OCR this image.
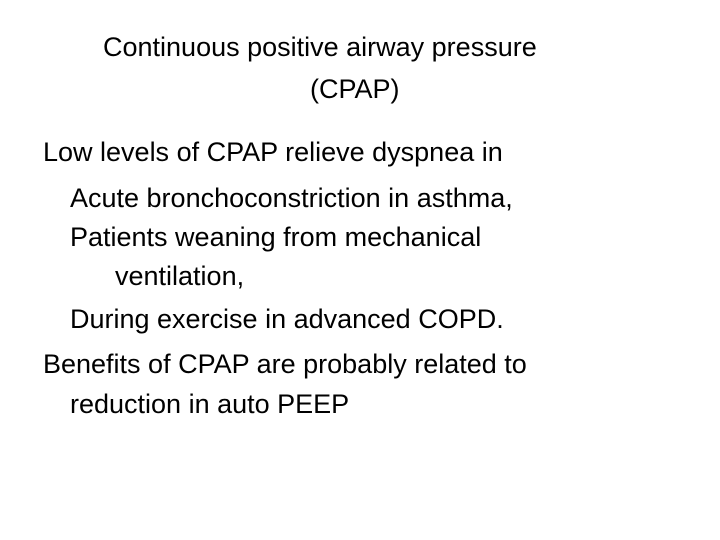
Continuous positive airway pressure
(CPAP)
Low levels of CPAP relieve dyspnea in
Acute bronchoconstriction in asthma,
Patients weaning from mechanical
ventilation,
During exercise in advanced COPD.
Benefits of CPAP are probably related to
reduction in auto PEEP
